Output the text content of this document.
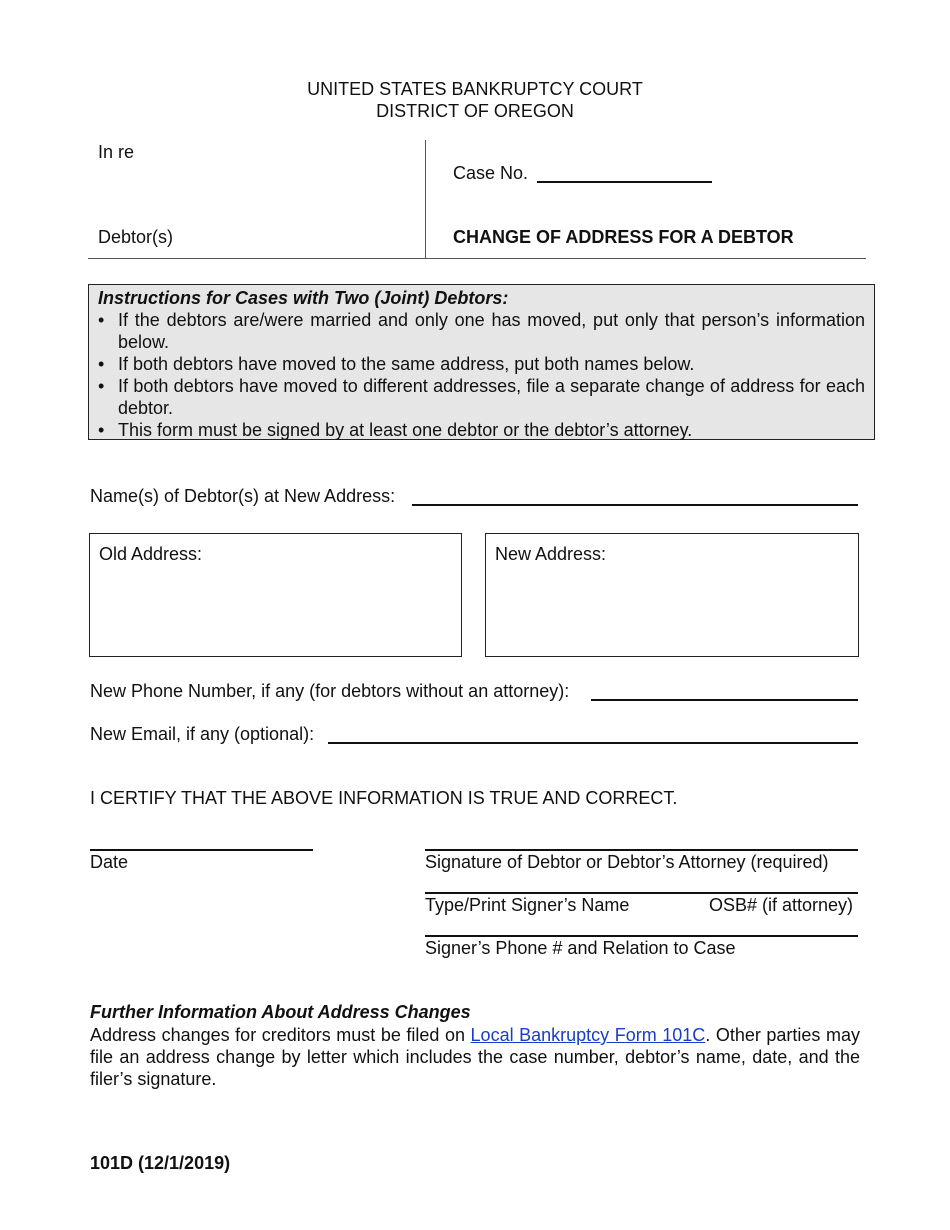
UNITED STATES BANKRUPTCY COURT
DISTRICT OF OREGON
In re
Debtor(s)
Case No.
CHANGE OF ADDRESS FOR A DEBTOR
Instructions for Cases with Two (Joint) Debtors:
• If the debtors are/were married and only one has moved, put only that person’s information below.
• If both debtors have moved to the same address, put both names below.
• If both debtors have moved to different addresses, file a separate change of address for each debtor.
• This form must be signed by at least one debtor or the debtor’s attorney.
Name(s) of Debtor(s) at New Address:
Old Address:	New Address:
New Phone Number, if any (for debtors without an attorney):
New Email, if any (optional):
I CERTIFY THAT THE ABOVE INFORMATION IS TRUE AND CORRECT.
Date	Signature of Debtor or Debtor’s Attorney (required)
Type/Print Signer’s Name	OSB# (if attorney)
Signer’s Phone # and Relation to Case
Further Information About Address Changes
Address changes for creditors must be filed on Local Bankruptcy Form 101C. Other parties may file an address change by letter which includes the case number, debtor’s name, date, and the filer’s signature.
101D (12/1/2019)
